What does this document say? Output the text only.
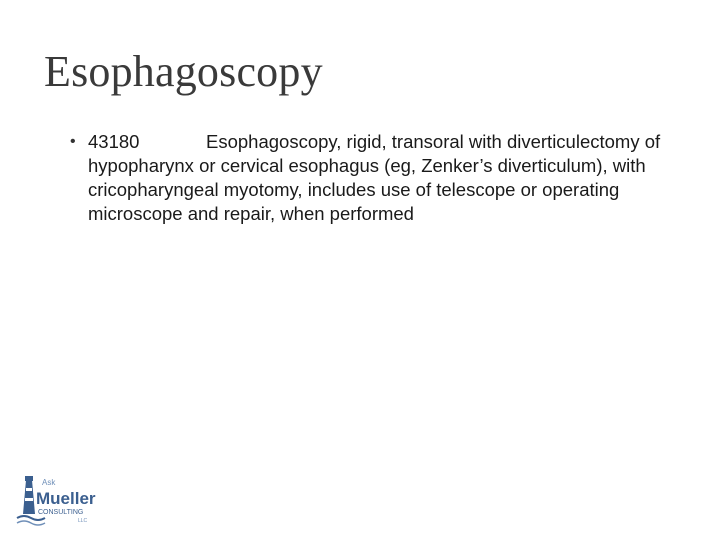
Esophagoscopy
• 43180	Esophagoscopy, rigid, transoral with diverticulectomy of hypopharynx or cervical esophagus (eg, Zenker’s diverticulum), with cricopharyngeal myotomy, includes use of telescope or operating microscope and repair, when performed
Ask
Mueller
CONSULTING
LLC
